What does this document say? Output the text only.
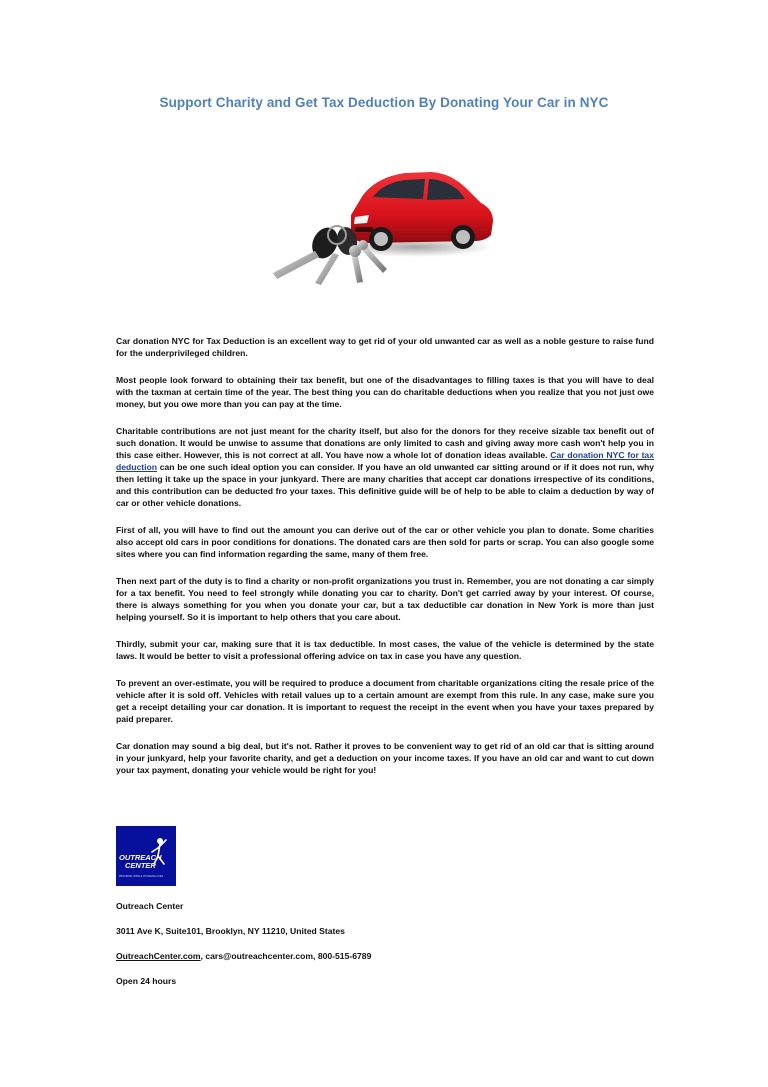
Support Charity and Get Tax Deduction By Donating Your Car in NYC

Car donation NYC for Tax Deduction is an excellent way to get rid of your old unwanted car as well as a noble gesture to raise fund for the underprivileged children.

Most people look forward to obtaining their tax benefit, but one of the disadvantages to filling taxes is that you will have to deal with the taxman at certain time of the year. The best thing you can do charitable deductions when you realize that you not just owe money, but you owe more than you can pay at the time.

Charitable contributions are not just meant for the charity itself, but also for the donors for they receive sizable tax benefit out of such donation. It would be unwise to assume that donations are only limited to cash and giving away more cash won't help you in this case either. However, this is not correct at all. You have now a whole lot of donation ideas available. Car donation NYC for tax deduction can be one such ideal option you can consider. If you have an old unwanted car sitting around or if it does not run, why then letting it take up the space in your junkyard. There are many charities that accept car donations irrespective of its conditions, and this contribution can be deducted fro your taxes. This definitive guide will be of help to be able to claim a deduction by way of car or other vehicle donations.

First of all, you will have to find out the amount you can derive out of the car or other vehicle you plan to donate. Some charities also accept old cars in poor conditions for donations. The donated cars are then sold for parts or scrap. You can also google some sites where you can find information regarding the same, many of them free.

Then next part of the duty is to find a charity or non-profit organizations you trust in. Remember, you are not donating a car simply for a tax benefit. You need to feel strongly while donating you car to charity. Don't get carried away by your interest. Of course, there is always something for you when you donate your car, but a tax deductible car donation in New York is more than just helping yourself. So it is important to help others that you care about.

Thirdly, submit your car, making sure that it is tax deductible. In most cases, the value of the vehicle is determined by the state laws. It would be better to visit a professional offering advice on tax in case you have any question.

To prevent an over-estimate, you will be required to produce a document from charitable organizations citing the resale price of the vehicle after it is sold off. Vehicles with retail values up to a certain amount are exempt from this rule. In any case, make sure you get a receipt detailing your car donation. It is important to request the receipt in the event when you have your taxes prepared by paid preparer.

Car donation may sound a big deal, but it's not. Rather it proves to be convenient way to get rid of an old car that is sitting around in your junkyard, help your favorite charity, and get a deduction on your income taxes. If you have an old car and want to cut down your tax payment, donating your vehicle would be right for you!

OUTREACH
CENTER
PROVIDING HOPE & CHANGING LIVES
Outreach Center
3011 Ave K, Suite101, Brooklyn, NY 11210, United States
OutreachCenter.com, cars@outreachcenter.com, 800-515-6789
Open 24 hours
